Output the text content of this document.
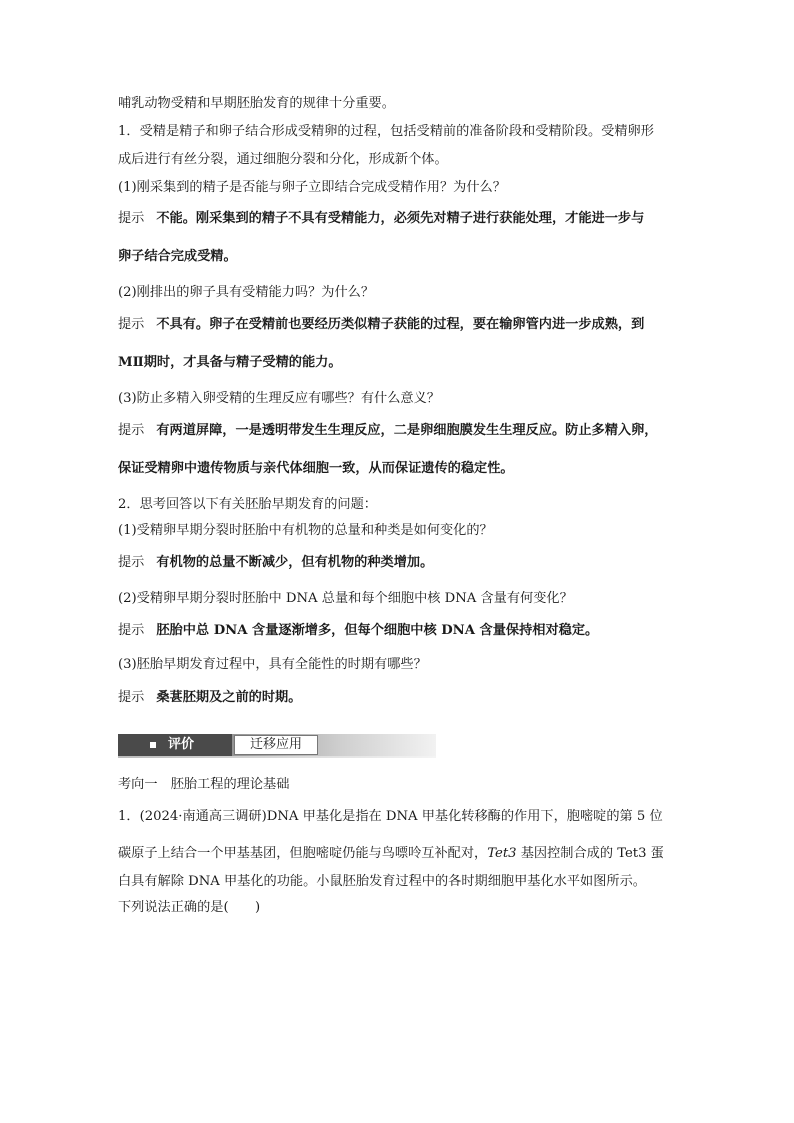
哺乳动物受精和早期胚胎发育的规律十分重要。
1．受精是精子和卵子结合形成受精卵的过程，包括受精前的准备阶段和受精阶段。受精卵形
成后进行有丝分裂，通过细胞分裂和分化，形成新个体。
(1)刚采集到的精子是否能与卵子立即结合完成受精作用？为什么？
提示 不能。刚采集到的精子不具有受精能力，必须先对精子进行获能处理，才能进一步与
卵子结合完成受精。
(2)刚排出的卵子具有受精能力吗？为什么？
提示 不具有。卵子在受精前也要经历类似精子获能的过程，要在输卵管内进一步成熟，到
MⅡ期时，才具备与精子受精的能力。
(3)防止多精入卵受精的生理反应有哪些？有什么意义？
提示 有两道屏障，一是透明带发生生理反应，二是卵细胞膜发生生理反应。防止多精入卵，
保证受精卵中遗传物质与亲代体细胞一致，从而保证遗传的稳定性。
2．思考回答以下有关胚胎早期发育的问题：
(1)受精卵早期分裂时胚胎中有机物的总量和种类是如何变化的？
提示 有机物的总量不断减少，但有机物的种类增加。
(2)受精卵早期分裂时胚胎中 DNA 总量和每个细胞中核 DNA 含量有何变化？
提示 胚胎中总 DNA 含量逐渐增多，但每个细胞中核 DNA 含量保持相对稳定。
(3)胚胎早期发育过程中，具有全能性的时期有哪些？
提示 桑葚胚期及之前的时期。
考向一　胚胎工程的理论基础
1．(2024·南通高三调研)DNA 甲基化是指在 DNA 甲基化转移酶的作用下，胞嘧啶的第 5 位
碳原子上结合一个甲基基团，但胞嘧啶仍能与鸟嘌呤互补配对，Tet3 基因控制合成的 Tet3 蛋
白具有解除 DNA 甲基化的功能。小鼠胚胎发育过程中的各时期细胞甲基化水平如图所示。
下列说法正确的是(　　)
评价	迁移应用
